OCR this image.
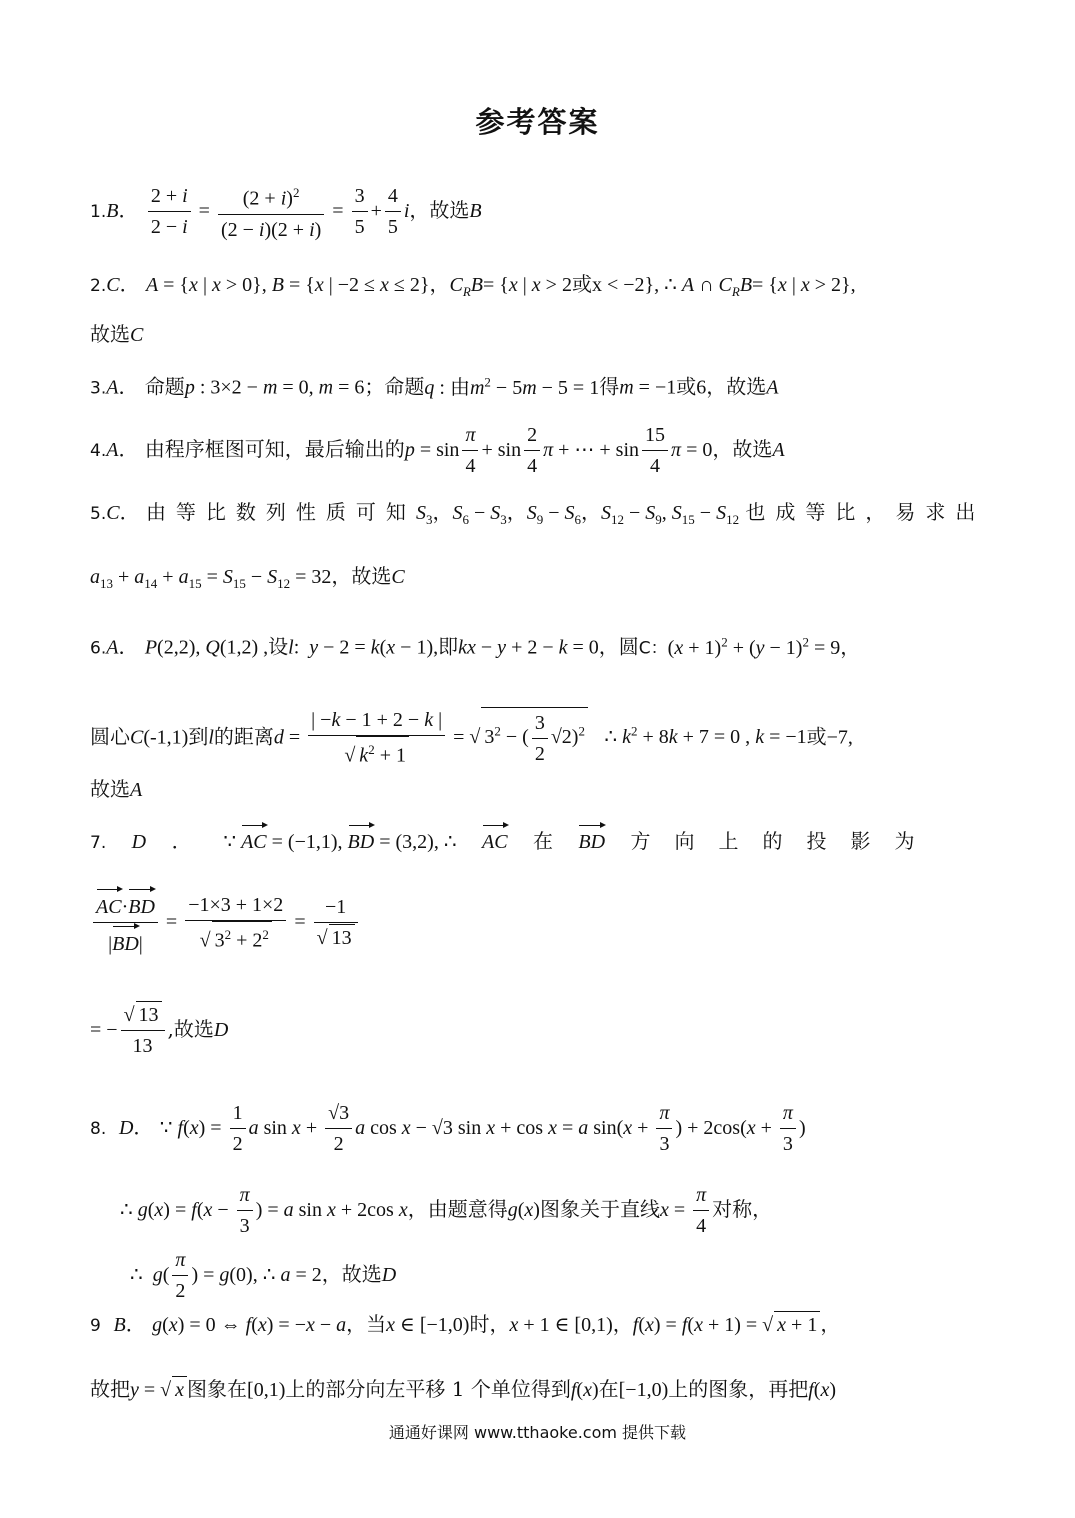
参考答案
1.B． $\frac{2 + i}{2 - i} = \frac{(2 + i)^2}{(2 - i)(2 + i)} = \frac{3}{5} + \frac{4}{5}$ i，故选B
2.C． A = {x | x > 0}, B = {x | −2 ≤ x ≤ 2}，$C_RB= \{x$ | x > 2或x < −2}, ∴ A ∩ $C_RB= \{x$ | x > 2},
故选C
3.A． 命题p : 3×2 − m = 0, m = 6；命题q : 由$m^2 - 5m - 5 = 1$得m = −1或6，故选A
4.A． 由程序框图可知，最后输出的$p = \sin \frac{\pi}{4} + \sin \frac{2}{4}$ π + ⋯ + $\sin \frac{15}{4}$ π = 0，故选A
5.C． 由等比数列性质可知$S_3$，$S_6 - S_3$，$S_9 - S_6$，$S_{12} - S_9$, $S_{15} - S_{12}$ 也成等比，易求出
$a_{13} + a_{14} + a_{15} = S_{15} - S_{12} = 32$，故选C
6.A． P(2,2), Q(1,2) ,设l:  y − 2 = k(x − 1),即kx − y + 2 − k = 0，圆C：$(x + 1)^2 + (y - 1)^2 = 9$，
圆心C(-1,1)到l的距离$d = \frac{| -k - 1 + 2 - k |}{√ k^2 + 1}$ = √ $3^2$ − ( $\frac{3}{2} √2)^2$   ∴ $k^2 + 8k + 7 = 0$ , k = −1或−7,
故选A
7. D ． ∵ AC = (−1,1), BD = (3,2), ∴ AC 在 BD 方向上的投影为
$\frac{AC\cdot BD}{|BD|} = \frac{-1\times 3 + 1\times 2}{√ 3^2 + 2^2} = \frac{-1}{√ 13}$
= − $\frac{√ 13}{13}$ ,故选D
8. D． ∵ $f(x) = \frac{1}{2}$ a $\sin x + \frac{√3}{2}$ a cos x − √3 sin x + cos x = a $\sin(x + \frac{\pi}{3}$ ) + $2\cos(x + \frac{\pi}{3}$ )
∴ $g(x) = f(x - \frac{\pi}{3}$ ) = a sin x + 2cos x，由题意得g(x)图象关于直线$x = \frac{\pi}{4}$ 对称，
∴  $g( \frac{\pi}{2}$ ) = g(0), ∴ a = 2，故选D
9 B． g(x) = 0 ⇔ f(x) = −x − a，当x ∈ [−1,0)时，x + 1 ∈ [0,1)，f(x) = f(x + 1) = √ x + 1 ，
故把y = √ x 图象在[0,1)上的部分向左平移 1 个单位得到f(x)在[−1,0)上的图象，再把f(x)
通通好课网 www.tthaoke.com 提供下载
